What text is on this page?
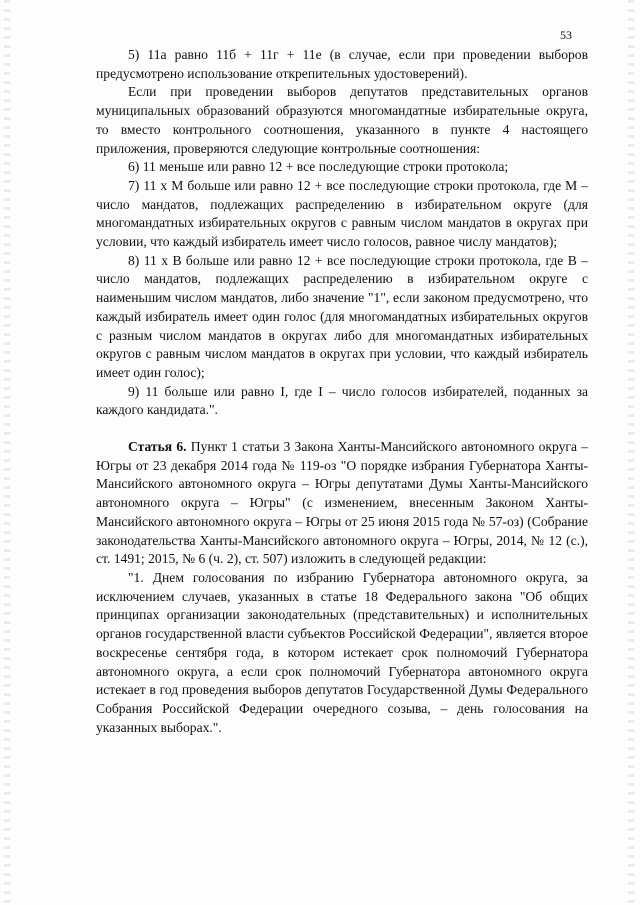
53

5) 11а равно 11б + 11г + 11е (в случае, если при проведении выборов предусмотрено использование открепительных удостоверений).

Если при проведении выборов депутатов представительных органов муниципальных образований образуются многомандатные избирательные округа, то вместо контрольного соотношения, указанного в пункте 4 настоящего приложения, проверяются следующие контрольные соотношения:

6) 11 меньше или равно 12 + все последующие строки протокола;

7) 11 x M больше или равно 12 + все последующие строки протокола, где M – число мандатов, подлежащих распределению в избирательном округе (для многомандатных избирательных округов с равным числом мандатов в округах при условии, что каждый избиратель имеет число голосов, равное числу мандатов);

8) 11 x B больше или равно 12 + все последующие строки протокола, где B – число мандатов, подлежащих распределению в избирательном округе с наименьшим числом мандатов, либо значение "1", если законом предусмотрено, что каждый избиратель имеет один голос (для многомандатных избирательных округов с разным числом мандатов в округах либо для многомандатных избирательных округов с равным числом мандатов в округах при условии, что каждый избиратель имеет один голос);

9) 11 больше или равно I, где I – число голосов избирателей, поданных за каждого кандидата.".

Статья 6. Пункт 1 статьи 3 Закона Ханты-Мансийского автономного округа – Югры от 23 декабря 2014 года № 119-оз "О порядке избрания Губернатора Ханты-Мансийского автономного округа – Югры депутатами Думы Ханты-Мансийского автономного округа – Югры" (с изменением, внесенным Законом Ханты-Мансийского автономного округа – Югры от 25 июня 2015 года № 57-оз) (Собрание законодательства Ханты-Мансийского автономного округа – Югры, 2014, № 12 (с.), ст. 1491; 2015, № 6 (ч. 2), ст. 507) изложить в следующей редакции:

"1. Днем голосования по избранию Губернатора автономного округа, за исключением случаев, указанных в статье 18 Федерального закона "Об общих принципах организации законодательных (представительных) и исполнительных органов государственной власти субъектов Российской Федерации", является второе воскресенье сентября года, в котором истекает срок полномочий Губернатора автономного округа, а если срок полномочий Губернатора автономного округа истекает в год проведения выборов депутатов Государственной Думы Федерального Собрания Российской Федерации очередного созыва, – день голосования на указанных выборах.".
